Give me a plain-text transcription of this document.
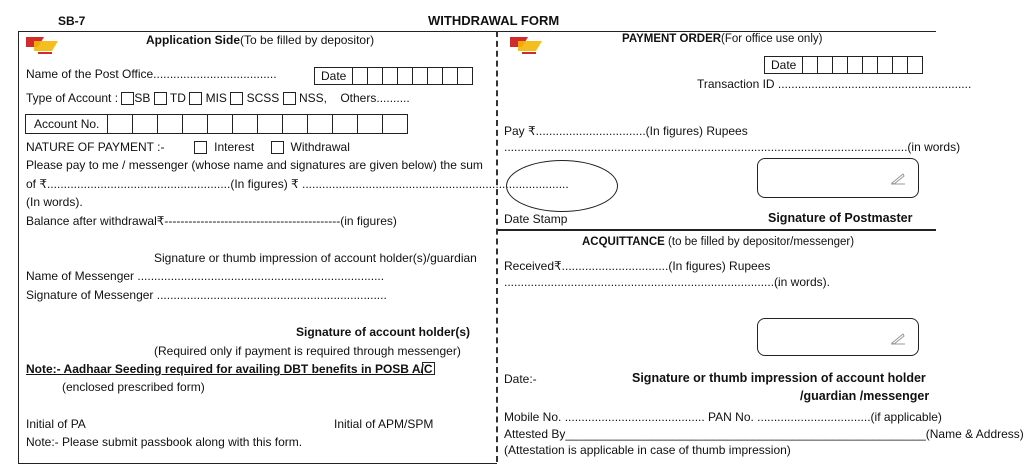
SB-7	WITHDRAWAL FORM
Application Side(To be filled by depositor)
Name of the Post Office.....................................	Date
Type of Account : SB TD MIS SCSS NSS, Others..........
Account No.
NATURE OF PAYMENT :-	Interest	Withdrawal
Please pay to me / messenger (whose name and signatures are given below) the sum
of ₹.......................................................(In figures) ₹ ................................................................................
(In words).
Balance after withdrawal₹--------------------------------------------(in figures)
Signature or thumb impression of account holder(s)/guardian
Name of Messenger ..........................................................................
Signature of Messenger .....................................................................
Signature of account holder(s)
(Required only if payment is required through messenger)
Note:- Aadhaar Seeding required for availing DBT benefits in POSB A/C
(enclosed prescribed form)
Initial of PA	Initial of APM/SPM
Note:- Please submit passbook along with this form.
PAYMENT ORDER(For office use only)
Date
Transaction ID ..........................................................
Pay ₹.................................(In figures) Rupees
.........................................................................................................................(in words)
Date Stamp	Signature of Postmaster
ACQUITTANCE (to be filled by depositor/messenger)
Received₹................................(In figures) Rupees
...................................................................................
(in words).
Date:-	Signature or thumb impression of account holder
/guardian /messenger
Mobile No. .......................................... PAN No. ..................................(if applicable)
Attested By______________________________________________________(Name & Address)
(Attestation is applicable in case of thumb impression)
